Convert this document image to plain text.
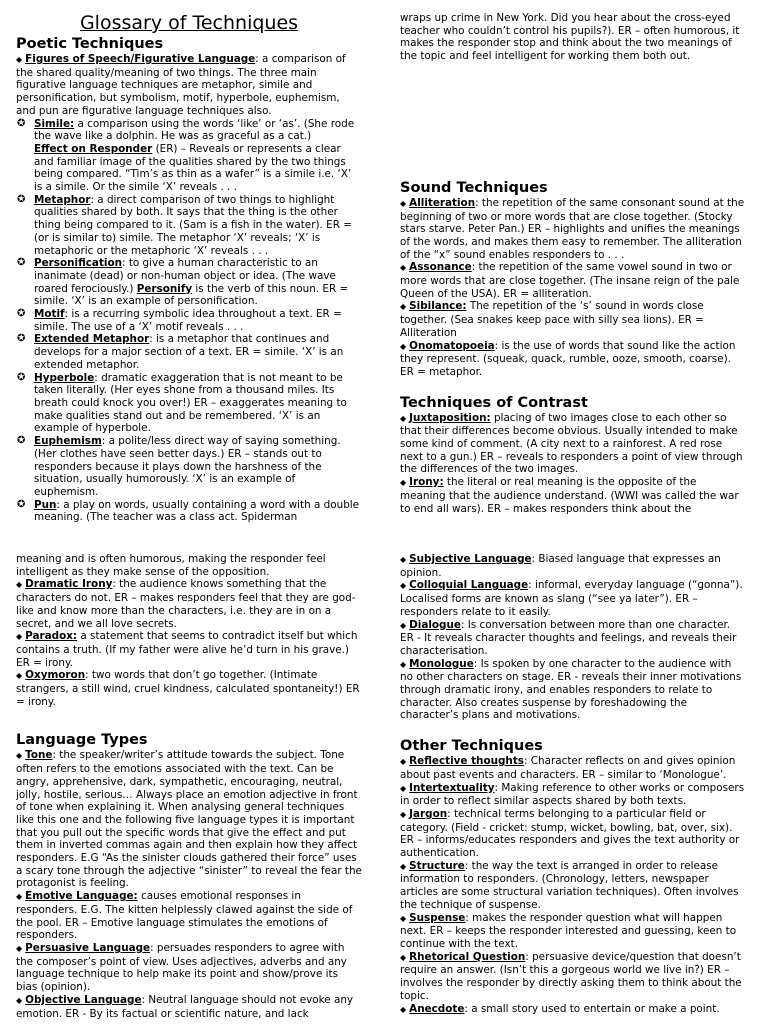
Glossary of Techniques
Poetic Techniques

◆ Figures of Speech/Figurative Language: a comparison of the shared quality/meaning of two things. The three main figurative language techniques are metaphor, simile and personification, but symbolism, motif, hyperbole, euphemism, and pun are figurative language techniques also.

✪ Simile: a comparison using the words ‘like’ or ‘as’. (She rode the wave like a dolphin. He was as graceful as a cat.)
Effect on Responder (ER) – Reveals or represents a clear and familiar image of the qualities shared by the two things being compared. “Tim’s as thin as a wafer” is a simile i.e. ‘X’ is a simile. Or the simile ‘X’ reveals . . .

✪ Metaphor: a direct comparison of two things to highlight qualities shared by both. It says that the thing is the other thing being compared to it. (Sam is a fish in the water). ER = (or is similar to) simile. The metaphor ‘X’ reveals; ‘X’ is metaphoric or the metaphoric ‘X’ reveals . . .

✪ Personification: to give a human characteristic to an inanimate (dead) or non-human object or idea. (The wave roared ferociously.) Personify is the verb of this noun. ER = simile. ‘X’ is an example of personification.

✪ Motif: is a recurring symbolic idea throughout a text. ER = simile. The use of a ‘X’ motif reveals . . .

✪ Extended Metaphor: is a metaphor that continues and develops for a major section of a text. ER = simile. ‘X’ is an extended metaphor.

✪ Hyperbole: dramatic exaggeration that is not meant to be taken literally. (Her eyes shone from a thousand miles. Its breath could knock you over!) ER – exaggerates meaning to make qualities stand out and be remembered. ‘X’ is an example of hyperbole.

✪ Euphemism: a polite/less direct way of saying something. (Her clothes have seen better days.) ER – stands out to responders because it plays down the harshness of the situation, usually humorously. ‘X’ is an example of euphemism.

✪ Pun: a play on words, usually containing a word with a double meaning. (The teacher was a class act. Spiderman

wraps up crime in New York. Did you hear about the cross-eyed teacher who couldn’t control his pupils?). ER – often humorous, it makes the responder stop and think about the two meanings of the topic and feel intelligent for working them both out.

Sound Techniques

◆ Alliteration: the repetition of the same consonant sound at the beginning of two or more words that are close together. (Stocky stars starve. Peter Pan.) ER – highlights and unifies the meanings of the words, and makes them easy to remember. The alliteration of the “x” sound enables responders to . . .

◆ Assonance: the repetition of the same vowel sound in two or more words that are close together. (The insane reign of the pale Queen of the USA). ER = alliteration.

◆ Sibilance: The repetition of the ‘s’ sound in words close together. (Sea snakes keep pace with silly sea lions). ER = Alliteration

◆ Onomatopoeia: is the use of words that sound like the action they represent. (squeak, quack, rumble, ooze, smooth, coarse). ER = metaphor.

Techniques of Contrast

◆ Juxtaposition: placing of two images close to each other so that their differences become obvious. Usually intended to make some kind of comment. (A city next to a rainforest. A red rose next to a gun.) ER – reveals to responders a point of view through the differences of the two images.

◆ Irony: the literal or real meaning is the opposite of the meaning that the audience understand. (WWI was called the war to end all wars). ER – makes responders think about the

meaning and is often humorous, making the responder feel intelligent as they make sense of the opposition.

◆ Dramatic Irony: the audience knows something that the characters do not. ER – makes responders feel that they are god-like and know more than the characters, i.e. they are in on a secret, and we all love secrets.

◆ Paradox: a statement that seems to contradict itself but which contains a truth. (If my father were alive he’d turn in his grave.) ER = irony.

◆ Oxymoron: two words that don’t go together. (Intimate strangers, a still wind, cruel kindness, calculated spontaneity!) ER = irony.

Language Types

◆ Tone: the speaker/writer’s attitude towards the subject. Tone often refers to the emotions associated with the text. Can be angry, apprehensive, dark, sympathetic, encouraging, neutral, jolly, hostile, serious… Always place an emotion adjective in front of tone when explaining it. When analysing general techniques like this one and the following five language types it is important that you pull out the specific words that give the effect and put them in inverted commas again and then explain how they affect responders. E.G “As the sinister clouds gathered their force” uses a scary tone through the adjective “sinister” to reveal the fear the protagonist is feeling.

◆ Emotive Language: causes emotional responses in responders. E.G. The kitten helplessly clawed against the side of the pool. ER – Emotive language stimulates the emotions of responders.

◆ Persuasive Language: persuades responders to agree with the composer’s point of view. Uses adjectives, adverbs and any language technique to help make its point and show/prove its bias (opinion).

◆ Objective Language: Neutral language should not evoke any emotion. ER - By its factual or scientific nature, and lack

◆ Subjective Language: Biased language that expresses an opinion.

◆ Colloquial Language: informal, everyday language (“gonna”). Localised forms are known as slang (“see ya later”). ER – responders relate to it easily.

◆ Dialogue: Is conversation between more than one character. ER - It reveals character thoughts and feelings, and reveals their characterisation.

◆ Monologue: Is spoken by one character to the audience with no other characters on stage. ER - reveals their inner motivations through dramatic irony, and enables responders to relate to character. Also creates suspense by foreshadowing the character’s plans and motivations.

Other Techniques

◆ Reflective thoughts: Character reflects on and gives opinion about past events and characters. ER – similar to ‘Monologue’.

◆ Intertextuality: Making reference to other works or composers in order to reflect similar aspects shared by both texts.

◆ Jargon: technical terms belonging to a particular field or category. (Field - cricket: stump, wicket, bowling, bat, over, six). ER – informs/educates responders and gives the text authority or authentication.

◆ Structure: the way the text is arranged in order to release information to responders. (Chronology, letters, newspaper articles are some structural variation techniques). Often involves the technique of suspense.

◆ Suspense: makes the responder question what will happen next. ER – keeps the responder interested and guessing, keen to continue with the text.

◆ Rhetorical Question: persuasive device/question that doesn’t require an answer. (Isn’t this a gorgeous world we live in?) ER – involves the responder by directly asking them to think about the topic.

◆ Anecdote: a small story used to entertain or make a point.
